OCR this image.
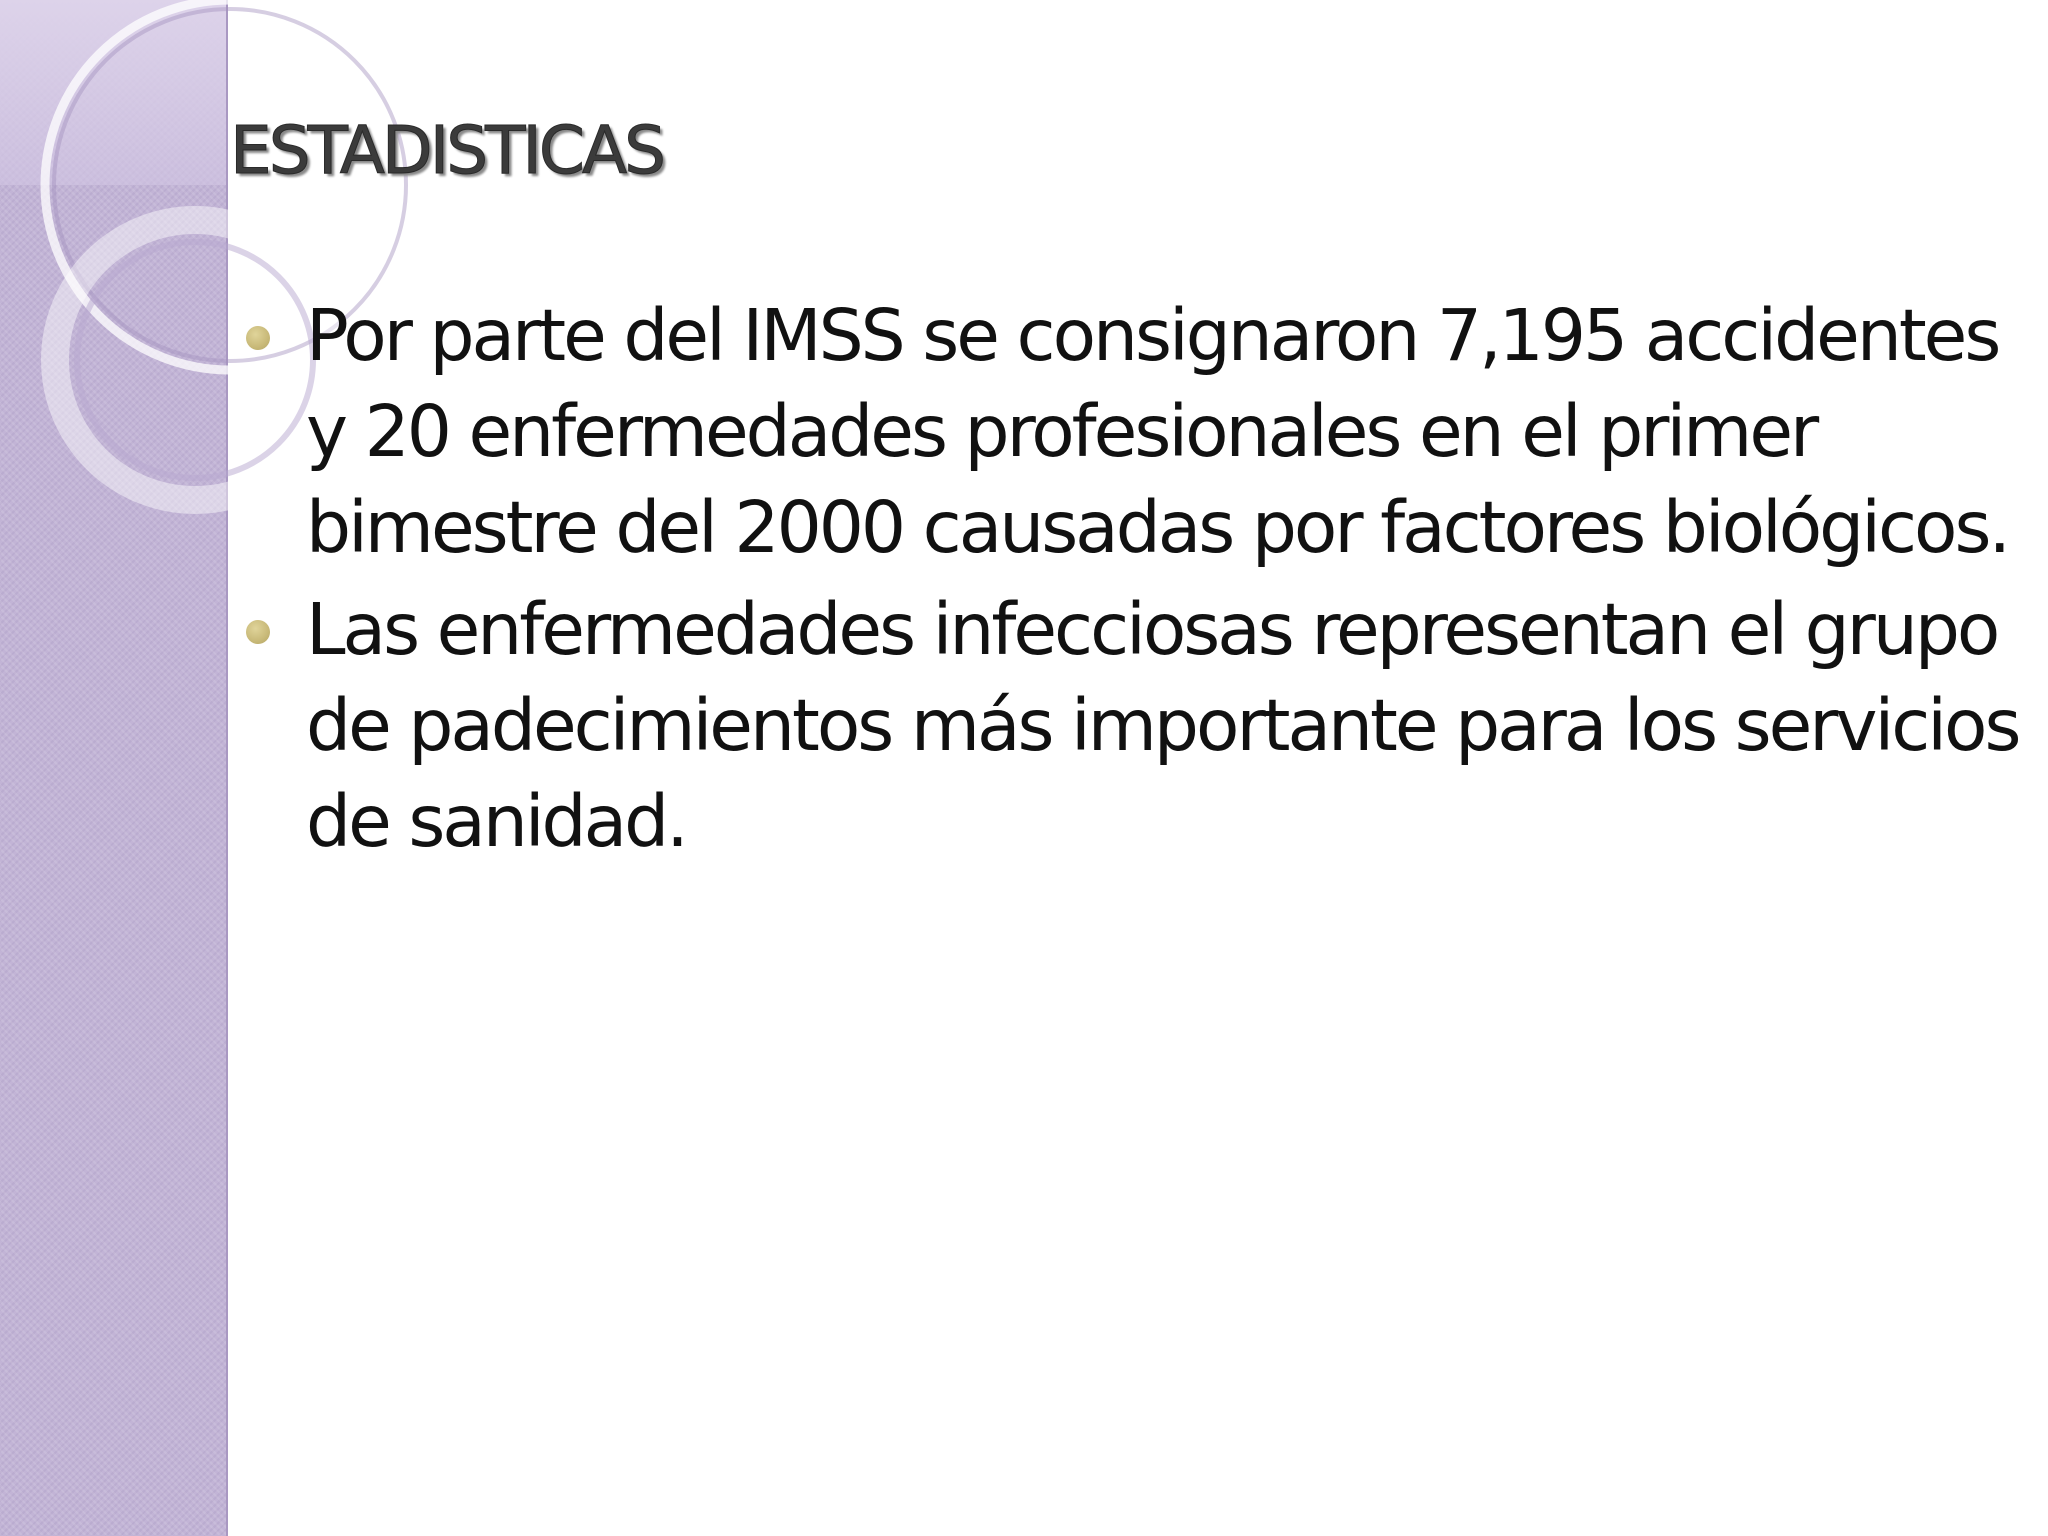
ESTADISTICAS
Por parte del IMSS se consignaron 7,195 accidentes y 20 enfermedades profesionales en el primer bimestre del 2000 causadas por factores biológicos.
Las enfermedades infecciosas representan el grupo de padecimientos más importante para los servicios de sanidad.
